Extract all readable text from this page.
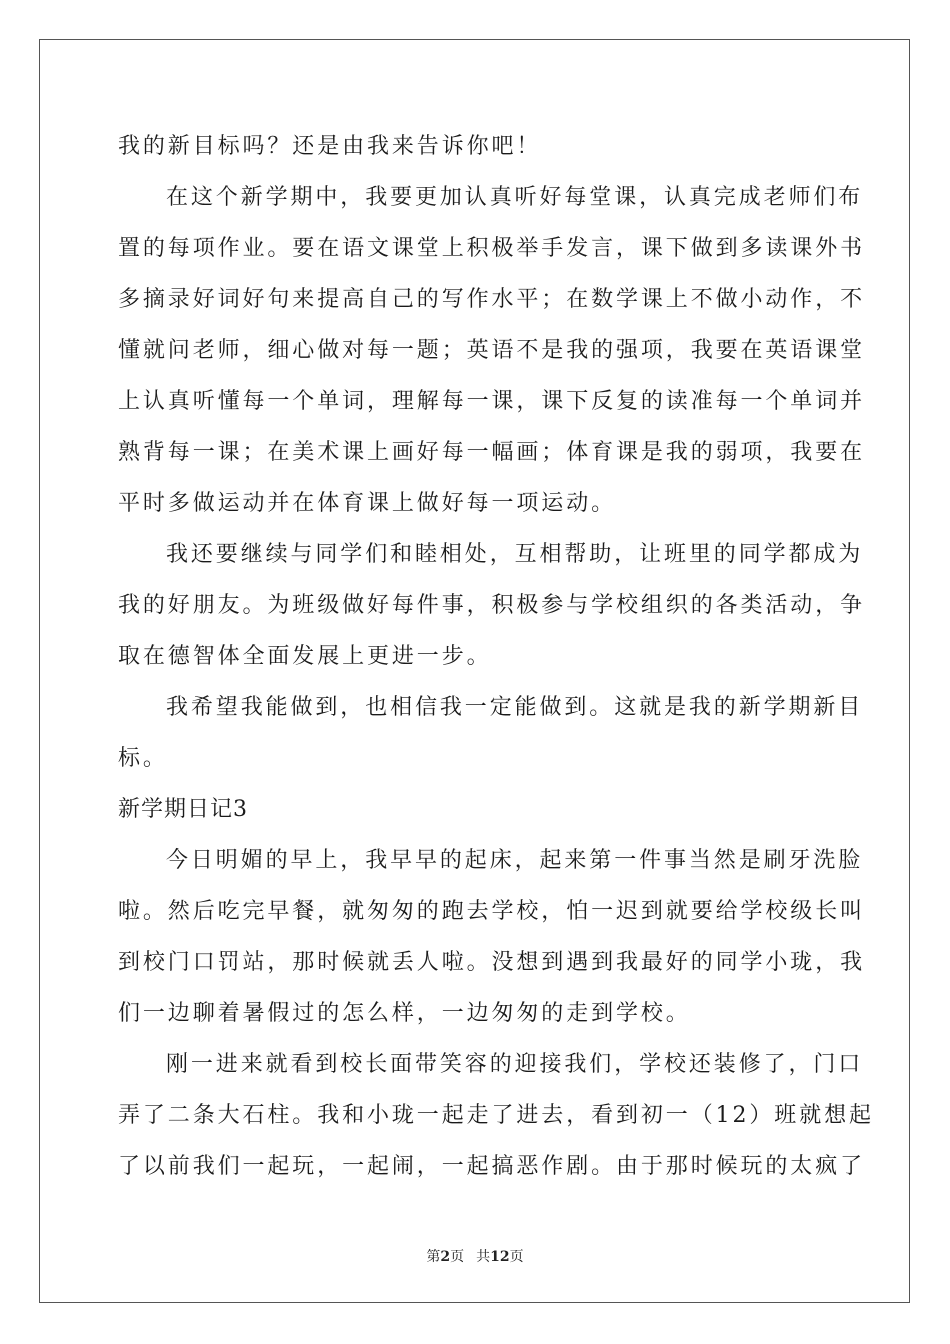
我的新目标吗？还是由我来告诉你吧！
在这个新学期中，我要更加认真听好每堂课，认真完成老师们布
置的每项作业。要在语文课堂上积极举手发言，课下做到多读课外书
多摘录好词好句来提高自己的写作水平；在数学课上不做小动作，不
懂就问老师，细心做对每一题；英语不是我的强项，我要在英语课堂
上认真听懂每一个单词，理解每一课，课下反复的读准每一个单词并
熟背每一课；在美术课上画好每一幅画；体育课是我的弱项，我要在
平时多做运动并在体育课上做好每一项运动。
我还要继续与同学们和睦相处，互相帮助，让班里的同学都成为
我的好朋友。为班级做好每件事，积极参与学校组织的各类活动，争
取在德智体全面发展上更进一步。
我希望我能做到，也相信我一定能做到。这就是我的新学期新目
标。
新学期日记3
今日明媚的早上，我早早的起床，起来第一件事当然是刷牙洗脸
啦。然后吃完早餐，就匆匆的跑去学校，怕一迟到就要给学校级长叫
到校门口罚站，那时候就丢人啦。没想到遇到我最好的同学小珑，我
们一边聊着暑假过的怎么样，一边匆匆的走到学校。
刚一进来就看到校长面带笑容的迎接我们，学校还装修了，门口
弄了二条大石柱。我和小珑一起走了进去，看到初一（12）班就想起
了以前我们一起玩，一起闹，一起搞恶作剧。由于那时候玩的太疯了
第2页 共12页
